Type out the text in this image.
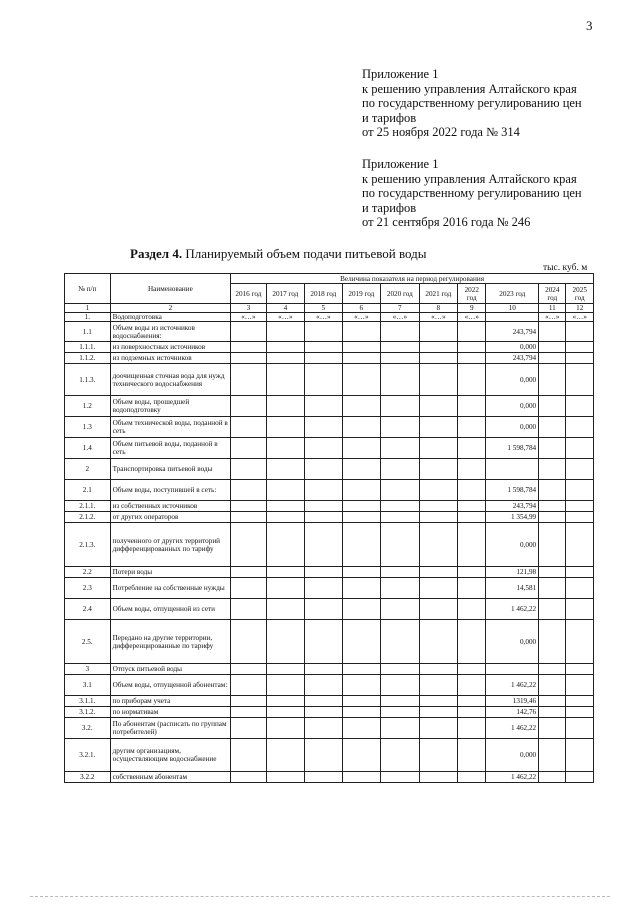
3
Приложение 1
к решению управления Алтайского края
по государственному регулированию цен
и тарифов
от 25 ноября 2022 года № 314
Приложение 1
к решению управления Алтайского края
по государственному регулированию цен
и тарифов
от 21 сентября 2016 года № 246
Раздел 4. Планируемый объем подачи питьевой воды
тыс. куб. м
№ п/п	Наименование	Величина показателя на период регулирования									
		2016 год	2017 год	2018 год	2019 год	2020 год	2021 год	2022 год	2023 год	2024 год	2025 год
1	2	3	4	5	6	7	8	9	10	11	12
1.	Водоподготовка	«…»	«…»	«…»	«…»	«…»	«…»	«…»		«…»	«…»
1.1	Объем воды из источников водоснабжения:								243,794		
1.1.1.	из поверхностных источников								0,000		
1.1.2.	из подземных источников								243,794		
1.1.3.	доочищенная сточная вода для нужд технического водоснабжения								0,000		
1.2	Объем воды, прошедшей водоподготовку								0,000		
1.3	Объем технической воды, поданной в сеть								0,000		
1.4	Объем питьевой воды, поданной в сеть								1 598,784		
2	Транспортировка питьевой воды										
2.1	Объем воды, поступившей в сеть:								1 598,784		
2.1.1.	из собственных источников								243,794		
2.1.2.	от других операторов								1 354,99		
2.1.3.	полученного от других территорий дифференцированных по тарифу								0,000		
2.2	Потери воды								121,98		
2.3	Потребление на собственные нужды								14,581		
2.4	Объем воды, отпущенной из сети								1 462,22		
2.5.	Передано на другие территории, дифференцированные по тарифу								0,000		
3	Отпуск питьевой воды										
3.1	Объем воды, отпущенной абонентам:								1 462,22		
3.1.1.	по приборам учета								1319,46		
3.1.2.	по нормативам								142,76		
3.2.	По абонентам (расписать по группам потребителей)								1 462,22		
3.2.1.	другим организациям, осуществляющим водоснабжение								0,000		
3.2.2	собственным абонентам								1 462,22		
